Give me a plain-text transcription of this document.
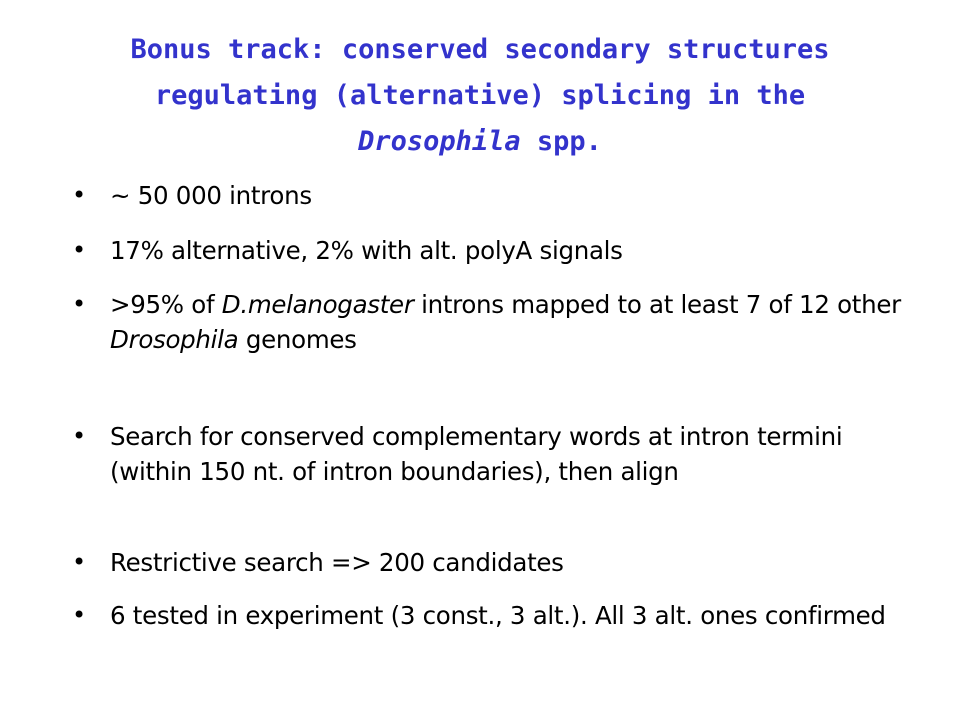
Bonus track: conserved secondary structures
regulating (alternative) splicing in the
Drosophila spp.
• ~ 50 000 introns
• 17% alternative, 2% with alt. polyA signals
• >95% of D.melanogaster introns mapped to at least 7 of 12 other Drosophila genomes
• Search for conserved complementary words at intron termini (within 150 nt. of intron boundaries), then align
• Restrictive search => 200 candidates
• 6 tested in experiment (3 const., 3 alt.). All 3 alt. ones confirmed
